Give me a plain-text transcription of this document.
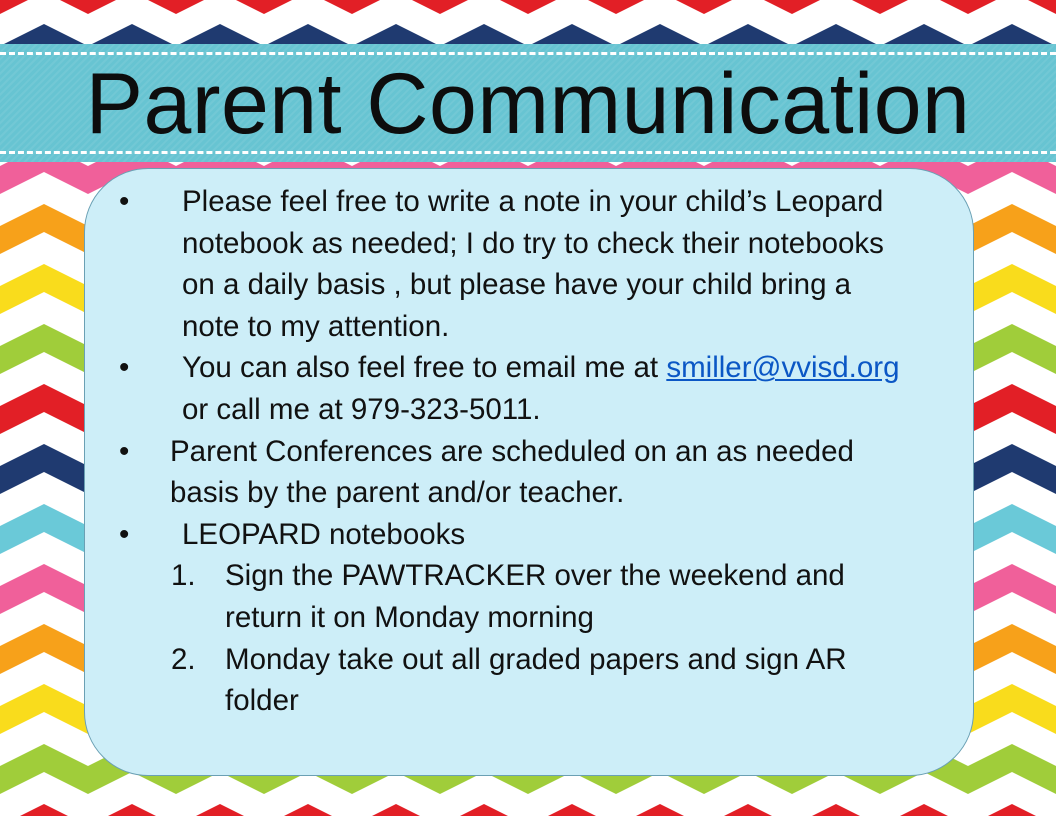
Parent Communication
•	Please feel free to write a note in your child’s Leopard notebook as needed; I do try to check their notebooks on a daily basis , but please have your child bring a note to my attention.
•	You can also feel free to email me at smiller@vvisd.org or call me at 979-323-5011.
•	Parent Conferences are scheduled on an as needed basis by the parent and/or teacher.
•	LEOPARD notebooks
1. Sign the PAWTRACKER over the weekend and return it on Monday morning
2. Monday take out all graded papers and sign AR folder
